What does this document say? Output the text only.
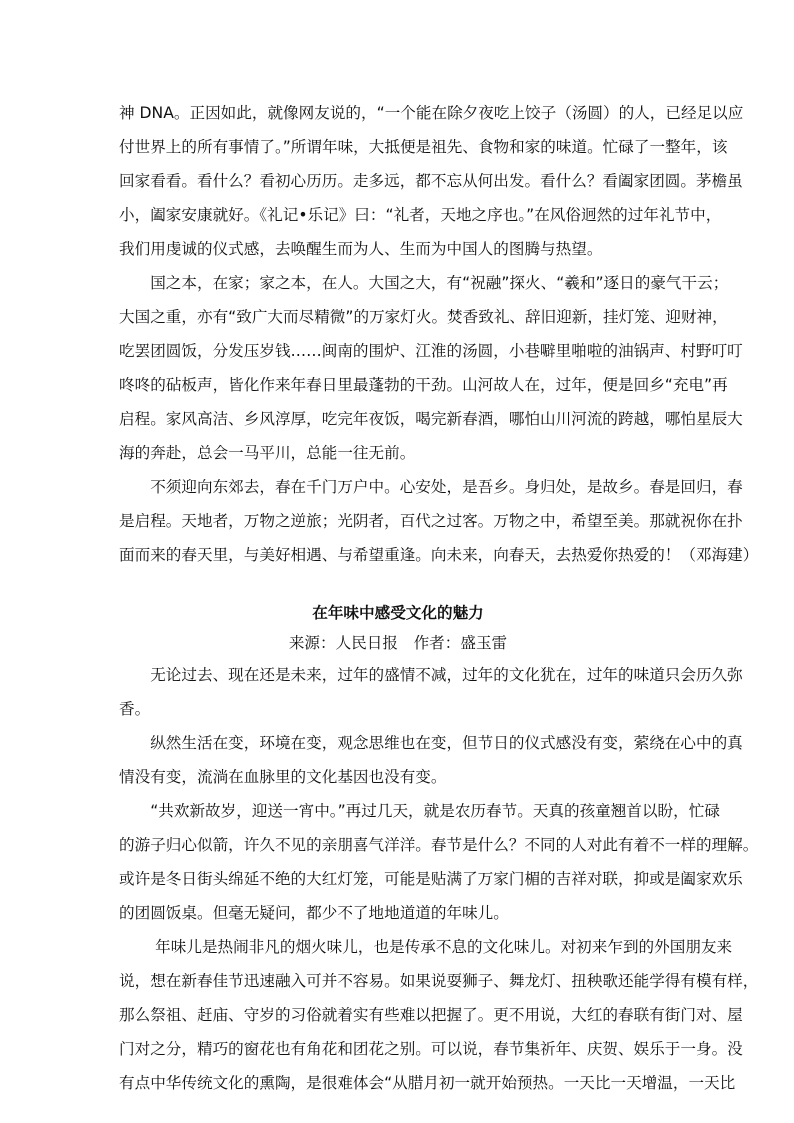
神 DNA。正因如此，就像网友说的，“一个能在除夕夜吃上饺子（汤圆）的人，已经足以应
付世界上的所有事情了。”所谓年味，大抵便是祖先、食物和家的味道。忙碌了一整年，该
回家看看。看什么？看初心历历。走多远，都不忘从何出发。看什么？看阖家团圆。茅檐虽
小，阖家安康就好。《礼记•乐记》曰：“礼者，天地之序也。”在风俗迥然的过年礼节中，
我们用虔诚的仪式感，去唤醒生而为人、生而为中国人的图腾与热望。

　　国之本，在家；家之本，在人。大国之大，有“祝融”探火、“羲和”逐日的豪气干云；
大国之重，亦有“致广大而尽精微”的万家灯火。焚香致礼、辞旧迎新，挂灯笼、迎财神，
吃罢团圆饭，分发压岁钱……闽南的围炉、江淮的汤圆，小巷噼里啪啦的油锅声、村野叮叮
咚咚的砧板声，皆化作来年春日里最蓬勃的干劲。山河故人在，过年，便是回乡“充电”再
启程。家风高洁、乡风淳厚，吃完年夜饭，喝完新春酒，哪怕山川河流的跨越，哪怕星辰大
海的奔赴，总会一马平川，总能一往无前。

　　不须迎向东郊去，春在千门万户中。心安处，是吾乡。身归处，是故乡。春是回归，春
是启程。天地者，万物之逆旅；光阴者，百代之过客。万物之中，希望至美。那就祝你在扑
面而来的春天里，与美好相遇、与希望重逢。向未来，向春天，去热爱你热爱的！（邓海建）

在年味中感受文化的魅力
来源：人民日报　作者：盛玉雷

　　无论过去、现在还是未来，过年的盛情不减，过年的文化犹在，过年的味道只会历久弥
香。

　　纵然生活在变，环境在变，观念思维也在变，但节日的仪式感没有变，萦绕在心中的真
情没有变，流淌在血脉里的文化基因也没有变。

　　“共欢新故岁，迎送一宵中。”再过几天，就是农历春节。天真的孩童翘首以盼，忙碌
的游子归心似箭，许久不见的亲朋喜气洋洋。春节是什么？不同的人对此有着不一样的理解。
或许是冬日街头绵延不绝的大红灯笼，可能是贴满了万家门楣的吉祥对联，抑或是阖家欢乐
的团圆饭桌。但毫无疑问，都少不了地地道道的年味儿。

　　 年味儿是热闹非凡的烟火味儿，也是传承不息的文化味儿。对初来乍到的外国朋友来
说，想在新春佳节迅速融入可并不容易。如果说耍狮子、舞龙灯、扭秧歌还能学得有模有样，
那么祭祖、赶庙、守岁的习俗就着实有些难以把握了。更不用说，大红的春联有街门对、屋
门对之分，精巧的窗花也有角花和团花之别。可以说，春节集祈年、庆贺、娱乐于一身。没
有点中华传统文化的熏陶，是很难体会“从腊月初一就开始预热。一天比一天增温，一天比
